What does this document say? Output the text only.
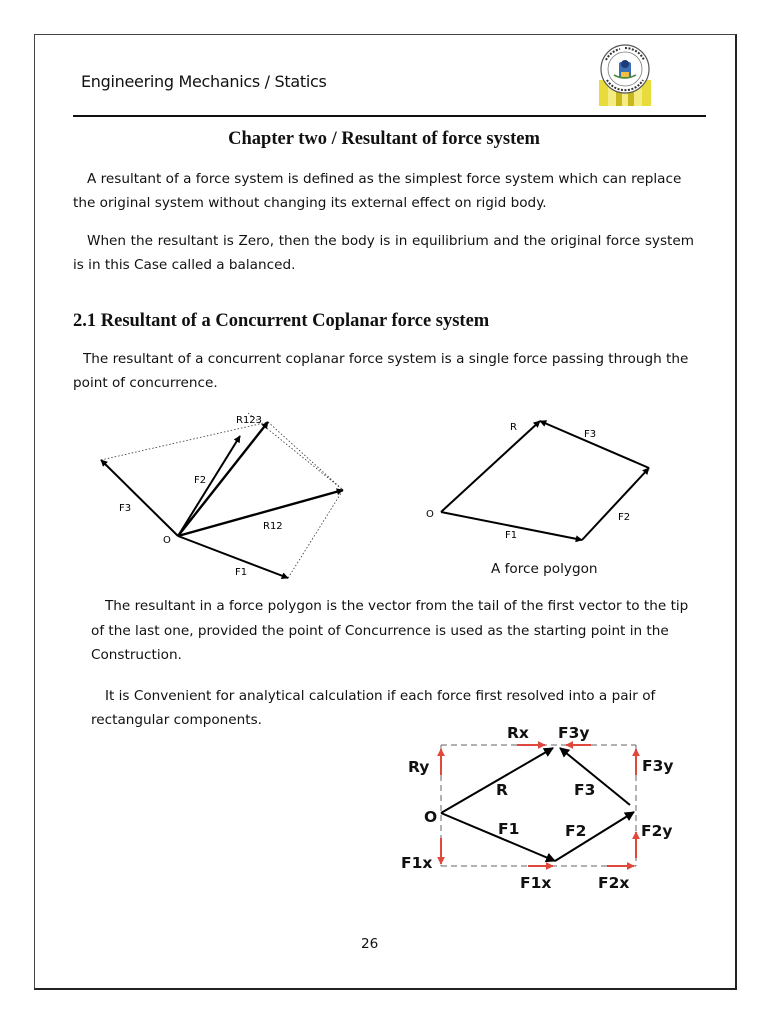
Engineering Mechanics / Statics
Chapter two / Resultant of force system

A resultant of a force system is defined as the simplest force system which can replace the original system without changing its external effect on rigid body.

When the resultant is Zero, then the body is in equilibrium and the original force system is in this Case called a balanced.

2.1 Resultant of a Concurrent Coplanar force system

The resultant of a concurrent coplanar force system is a single force passing through the point of concurrence.

R123
F2
F3
R12
O
F1
R
F3
O	F2
F1
Rx F3y
Ry	F3y
R	F3
O
F1	F2	F2y
F1x
F1x	F2x
A force polygon

The resultant in a force polygon is the vector from the tail of the first vector to the tip of the last one, provided the point of Concurrence is used as the starting point in the Construction.

It is Convenient for analytical calculation if each force first resolved into a pair of rectangular components.

26
